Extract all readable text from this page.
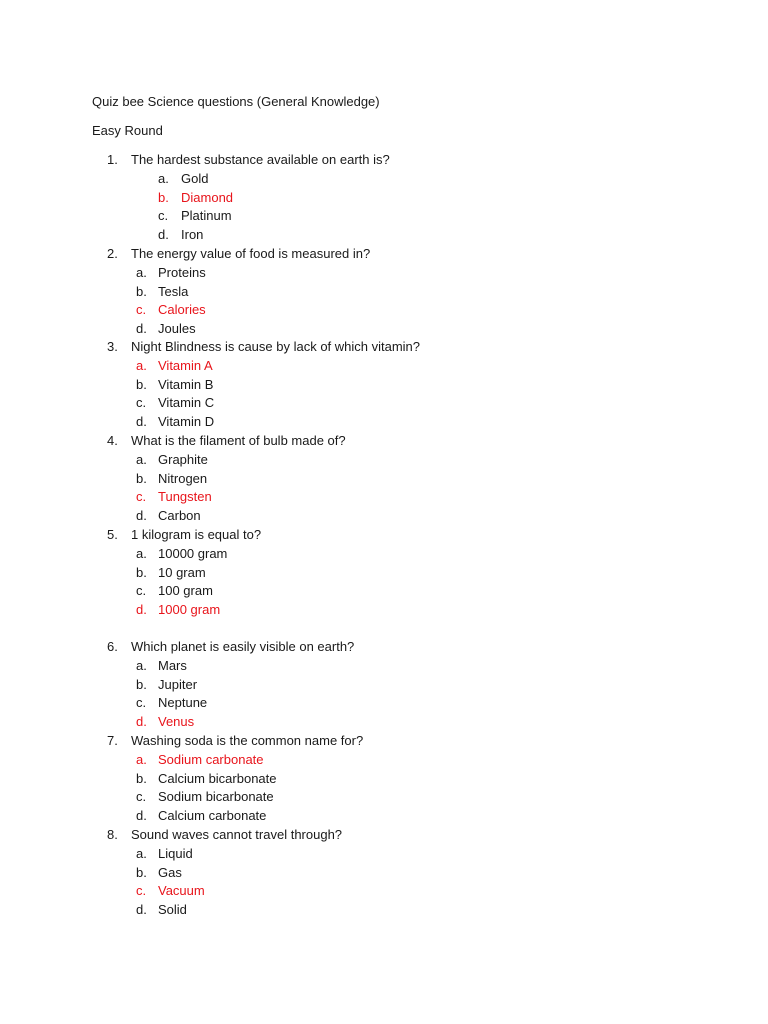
Quiz bee Science questions (General Knowledge)
Easy Round
1. The hardest substance available on earth is?
a. Gold
b. Diamond
c. Platinum
d. Iron
2. The energy value of food is measured in?
a. Proteins
b. Tesla
c. Calories
d. Joules
3. Night Blindness is cause by lack of which vitamin?
a. Vitamin A
b. Vitamin B
c. Vitamin C
d. Vitamin D
4. What is the filament of bulb made of?
a. Graphite
b. Nitrogen
c. Tungsten
d. Carbon
5. 1 kilogram is equal to?
a. 10000 gram
b. 10 gram
c. 100 gram
d. 1000 gram
6. Which planet is easily visible on earth?
a. Mars
b. Jupiter
c. Neptune
d. Venus
7. Washing soda is the common name for?
a. Sodium carbonate
b. Calcium bicarbonate
c. Sodium bicarbonate
d. Calcium carbonate
8. Sound waves cannot travel through?
a. Liquid
b. Gas
c. Vacuum
d. Solid
